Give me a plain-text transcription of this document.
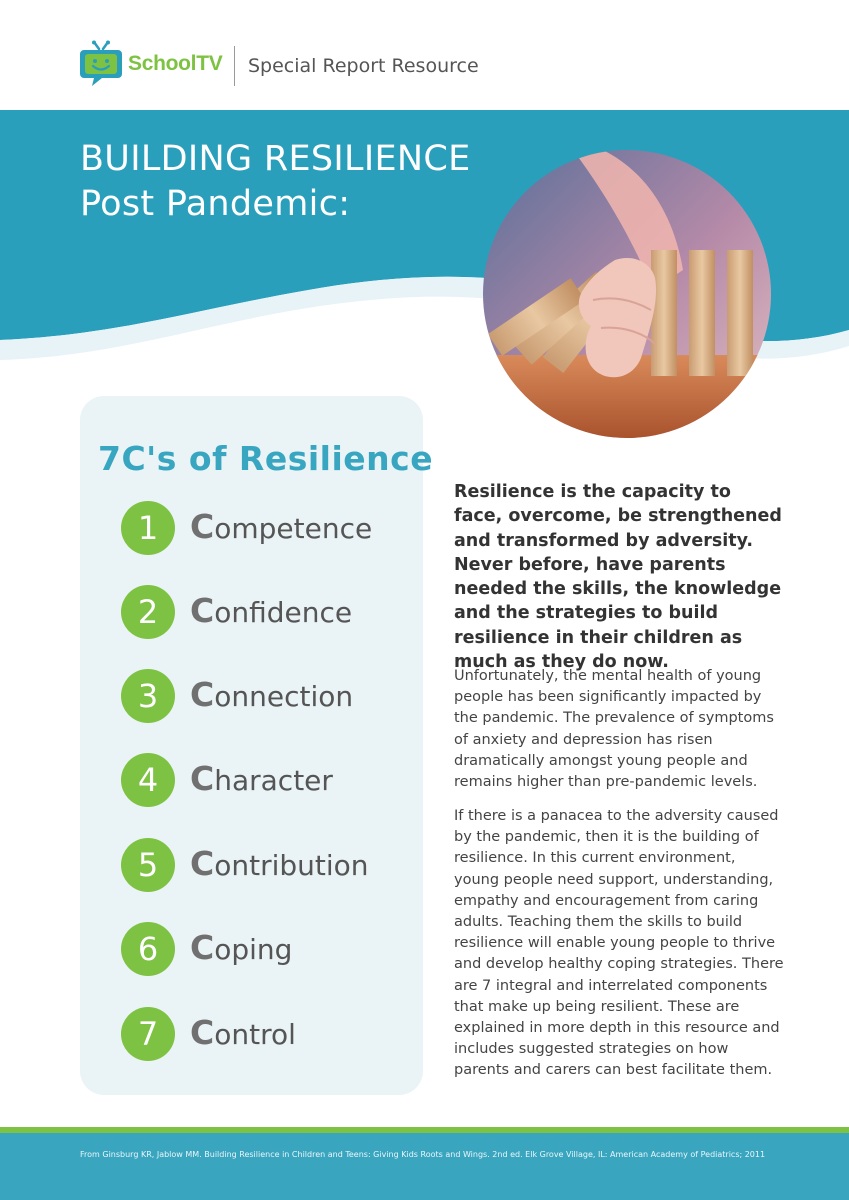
SchoolTV Special Report Resource
BUILDING RESILIENCE
Post Pandemic:
7C's of Resilience
1 Competence
2 Confidence
3 Connection
4 Character
5 Contribution
6 Coping
7 Control
Resilience is the capacity to face, overcome, be strengthened and transformed by adversity. Never before, have parents needed the skills, the knowledge and the strategies to build resilience in their children as much as they do now.
Unfortunately, the mental health of young people has been significantly impacted by the pandemic. The prevalence of symptoms of anxiety and depression has risen dramatically amongst young people and remains higher than pre-pandemic levels.
If there is a panacea to the adversity caused by the pandemic, then it is the building of resilience. In this current environment, young people need support, understanding, empathy and encouragement from caring adults. Teaching them the skills to build resilience will enable young people to thrive and develop healthy coping strategies. There are 7 integral and interrelated components that make up being resilient. These are explained in more depth in this resource and includes suggested strategies on how parents and carers can best facilitate them.
From Ginsburg KR, Jablow MM. Building Resilience in Children and Teens: Giving Kids Roots and Wings. 2nd ed. Elk Grove Village, IL: American Academy of Pediatrics; 2011
